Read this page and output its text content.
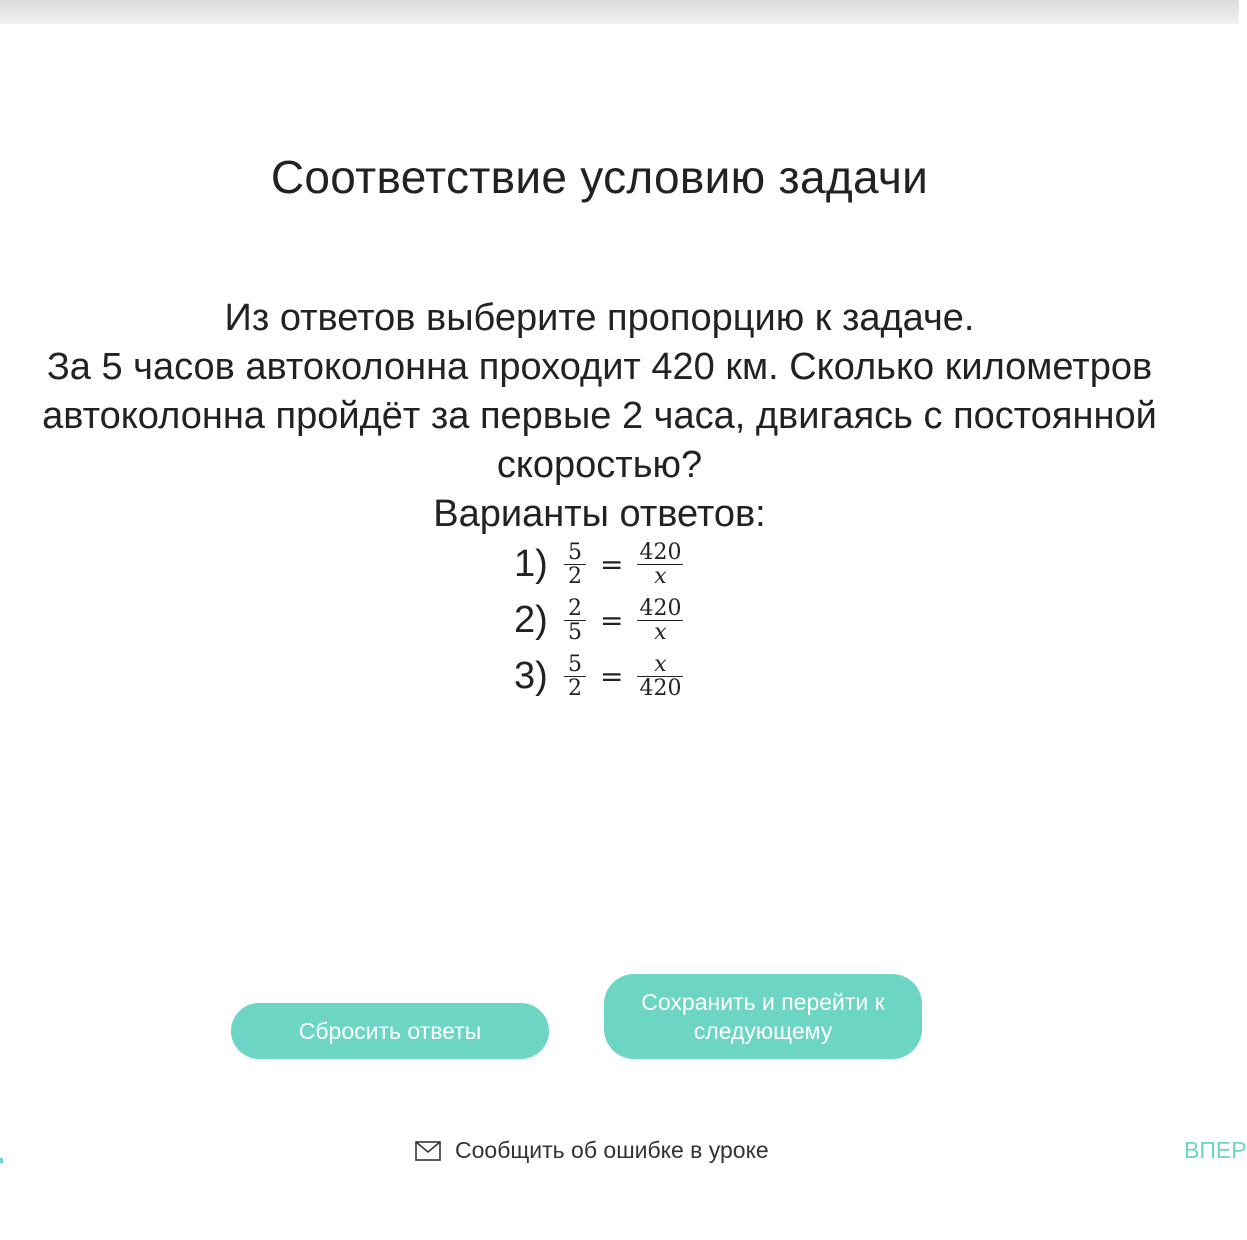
Соответствие условию задачи
Из ответов выберите пропорцию к задаче.
За 5 часов автоколонна проходит 420 км. Сколько километров
автоколонна пройдёт за первые 2 часа, двигаясь с постоянной
скоростью?
Варианты ответов:
$1) \frac{5}{2} = \frac{420}{x}$
$2) \frac{2}{5} = \frac{420}{x}$
$3) \frac{5}{2} = \frac{x}{420}$
Сбросить ответы
Сохранить и перейти к следующему
Сообщить об ошибке в уроке	ВПЕР
